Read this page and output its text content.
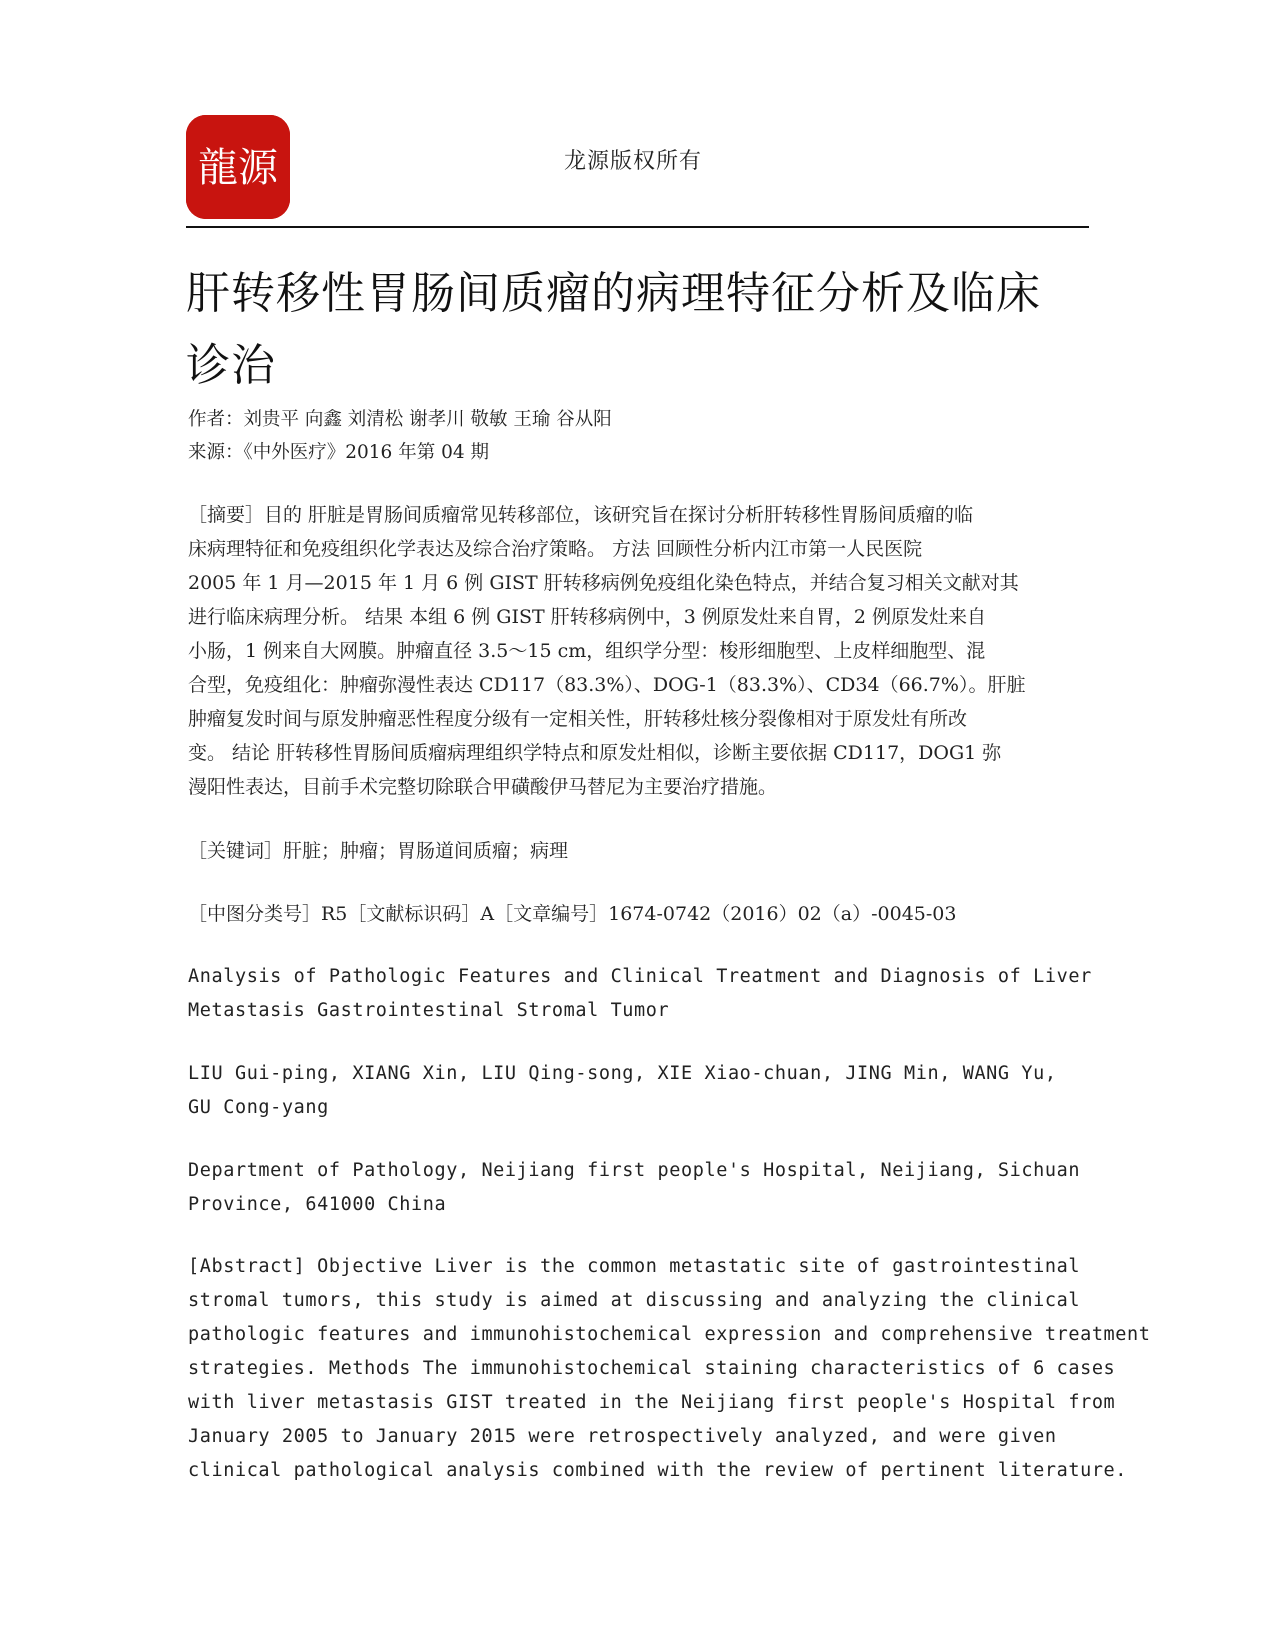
龍源	龙源版权所有
肝转移性胃肠间质瘤的病理特征分析及临床
诊治
作者：刘贵平 向鑫 刘清松 谢孝川 敬敏 王瑜 谷从阳
来源：《中外医疗》2016 年第 04 期
［摘要］目的 肝脏是胃肠间质瘤常见转移部位，该研究旨在探讨分析肝转移性胃肠间质瘤的临
床病理特征和免疫组织化学表达及综合治疗策略。 方法 回顾性分析内江市第一人民医院
2005 年 1 月—2015 年 1 月 6 例 GIST 肝转移病例免疫组化染色特点，并结合复习相关文献对其
进行临床病理分析。 结果 本组 6 例 GIST 肝转移病例中，3 例原发灶来自胃，2 例原发灶来自
小肠，1 例来自大网膜。肿瘤直径 3.5～15 cm，组织学分型：梭形细胞型、上皮样细胞型、混
合型，免疫组化：肿瘤弥漫性表达 CD117（83.3%）、DOG-1（83.3%）、CD34（66.7%）。肝脏
肿瘤复发时间与原发肿瘤恶性程度分级有一定相关性，肝转移灶核分裂像相对于原发灶有所改
变。 结论 肝转移性胃肠间质瘤病理组织学特点和原发灶相似，诊断主要依据 CD117，DOG1 弥
漫阳性表达，目前手术完整切除联合甲磺酸伊马替尼为主要治疗措施。
［关键词］肝脏；肿瘤；胃肠道间质瘤；病理
［中图分类号］R5［文献标识码］A［文章编号］1674-0742（2016）02（a）-0045-03
Analysis of Pathologic Features and Clinical Treatment and Diagnosis of Liver
Metastasis Gastrointestinal Stromal Tumor
LIU Gui-ping, XIANG Xin, LIU Qing-song, XIE Xiao-chuan, JING Min, WANG Yu,
GU Cong-yang
Department of Pathology, Neijiang first people's Hospital, Neijiang, Sichuan
Province, 641000 China
[Abstract] Objective Liver is the common metastatic site of gastrointestinal
stromal tumors, this study is aimed at discussing and analyzing the clinical
pathologic features and immunohistochemical expression and comprehensive treatment
strategies. Methods The immunohistochemical staining characteristics of 6 cases
with liver metastasis GIST treated in the Neijiang first people's Hospital from
January 2005 to January 2015 were retrospectively analyzed, and were given
clinical pathological analysis combined with the review of pertinent literature.
